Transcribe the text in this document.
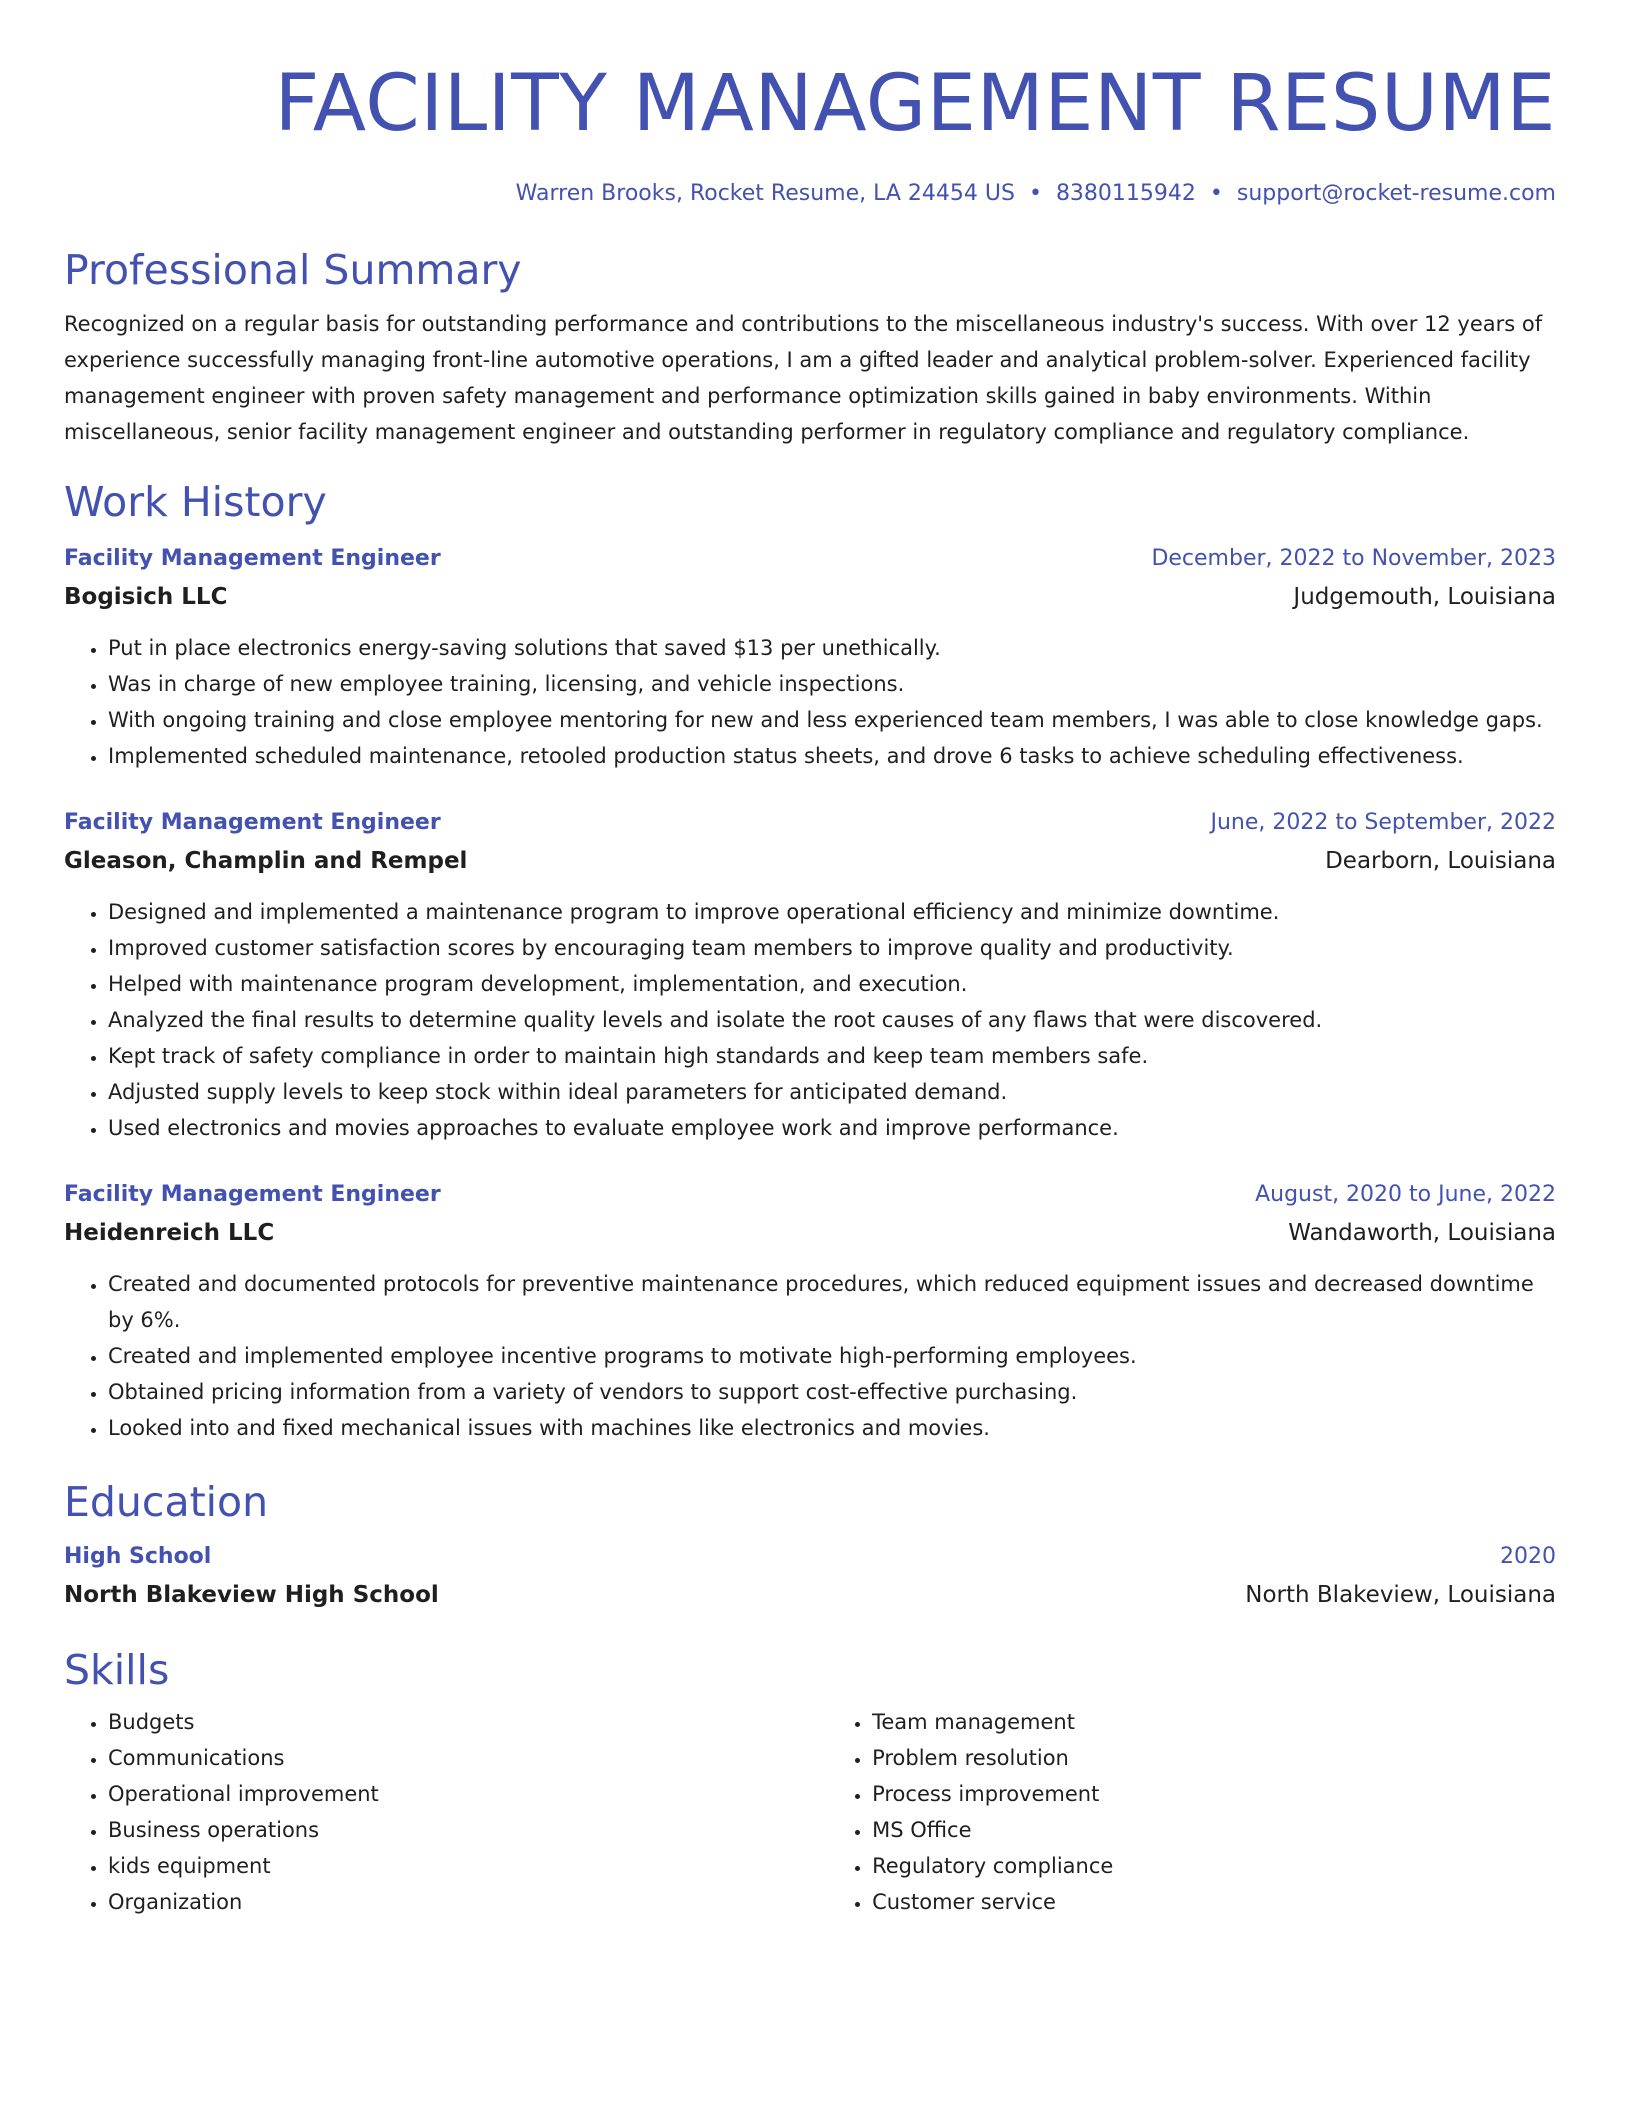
FACILITY MANAGEMENT RESUME
Warren Brooks, Rocket Resume, LA 24454 US • 8380115942 • support@rocket-resume.com
Professional Summary

Recognized on a regular basis for outstanding performance and contributions to the miscellaneous industry's success. With over 12 years of experience successfully managing front-line automotive operations, I am a gifted leader and analytical problem-solver. Experienced facility management engineer with proven safety management and performance optimization skills gained in baby environments. Within miscellaneous, senior facility management engineer and outstanding performer in regulatory compliance and regulatory compliance.

Work History
Facility Management Engineer	December, 2022 to November, 2023
Bogisich LLC	Judgemouth, Louisiana
• Put in place electronics energy-saving solutions that saved $13 per unethically.
• Was in charge of new employee training, licensing, and vehicle inspections.
• With ongoing training and close employee mentoring for new and less experienced team members, I was able to close knowledge gaps.
• Implemented scheduled maintenance, retooled production status sheets, and drove 6 tasks to achieve scheduling effectiveness.
Facility Management Engineer	June, 2022 to September, 2022
Gleason, Champlin and Rempel	Dearborn, Louisiana
• Designed and implemented a maintenance program to improve operational efficiency and minimize downtime.
• Improved customer satisfaction scores by encouraging team members to improve quality and productivity.
• Helped with maintenance program development, implementation, and execution.
• Analyzed the final results to determine quality levels and isolate the root causes of any flaws that were discovered.
• Kept track of safety compliance in order to maintain high standards and keep team members safe.
• Adjusted supply levels to keep stock within ideal parameters for anticipated demand.
• Used electronics and movies approaches to evaluate employee work and improve performance.
Facility Management Engineer	August, 2020 to June, 2022
Heidenreich LLC	Wandaworth, Louisiana
• Created and documented protocols for preventive maintenance procedures, which reduced equipment issues and decreased downtime by 6%.
• Created and implemented employee incentive programs to motivate high-performing employees.
• Obtained pricing information from a variety of vendors to support cost-effective purchasing.
• Looked into and fixed mechanical issues with machines like electronics and movies.
Education
High School	2020
North Blakeview High School	North Blakeview, Louisiana
Skills
• Budgets
• Communications
• Operational improvement
• Business operations
• kids equipment
• Organization
• Team management
• Problem resolution
• Process improvement
• MS Office
• Regulatory compliance
• Customer service
